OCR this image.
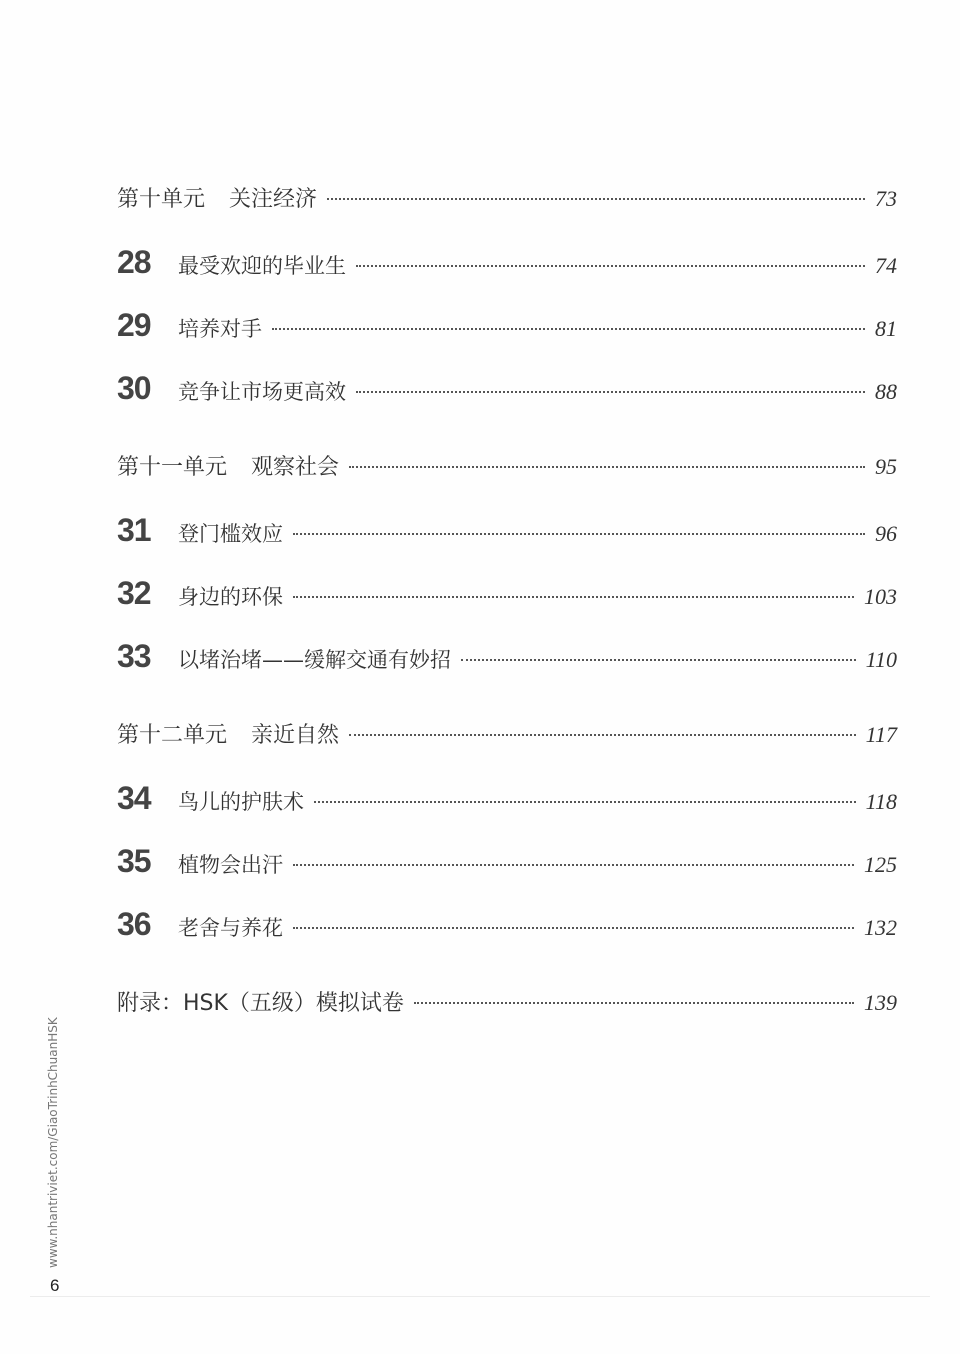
第十单元 关注经济	73
28	最受欢迎的毕业生	74
29	培养对手	81
30	竞争让市场更高效	88
第十一单元 观察社会	95
31	登门槛效应	96
32	身边的环保	103
33	以堵治堵——缓解交通有妙招	110
第十二单元 亲近自然	117
34	鸟儿的护肤术	118
35	植物会出汗	125
36	老舍与养花	132
附录：HSK（五级）模拟试卷	139
www.nhantriviet.com/GiaoTrinhChuanHSK
6
